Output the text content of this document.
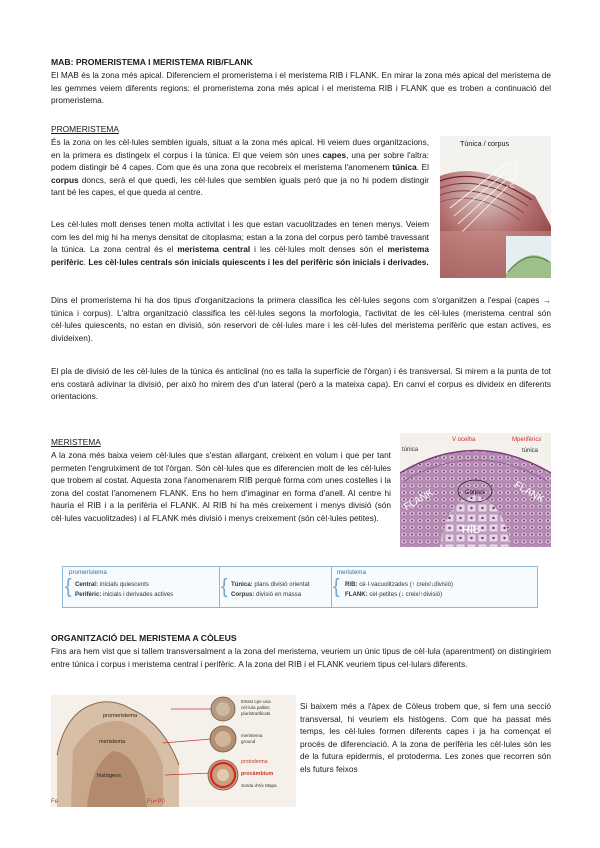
MAB: PROMERISTEMA I MERISTEMA RIB/FLANK
El MAB és la zona més apical. Diferenciem el promeristema i el meristema RIB i FLANK. En mirar la zona més apical del meristema de les gemmes veiem diferents regions: el promeristema zona més apical i el meristema RIB i FLANK que es troben a continuació del promeristema.
PROMERISTEMA
És la zona on les cèl·lules semblen iguals, situat a la zona més apical. Hi veiem dues organitzacions, en la primera es distingeix el corpus i la túnica. El que veiem són unes capes, una per sobre l'altra: podem distingir bé 4 capes. Com que és una zona que recobreix el meristema l'anomenem túnica. El corpus doncs, serà el que quedi, les cèl·lules que semblen iguals però que ja no hi podem distingir tant bé les capes, el que queda al centre.
Les cèl·lules molt denses tenen molta activitat i les que estan vacuolitzades en tenen menys. Veiem com les del mig hi ha menys densitat de citoplasma; estan a la zona del corpus però també travessant la túnica. La zona central és el meristema central i les cèl·lules molt denses són el meristema perifèric. Les cèl·lules centrals són inicials quiescents i les del perifèric són inicials i derivades.
Túnica / corpus
L1
L2
L3
C
Dins el promeristema hi ha dos tipus d'organitzacions la primera classifica les cèl·lules segons com s'organitzen a l'espai (capes → túnica i corpus). L'altra organització classifica les cèl·lules segons la morfologia, l'activitat de les cèl·lules (meristema central són cèl·lules quiescents, no estan en divisió, són reservori de cèl·lules mare i les cèl·lules del meristema perifèric que estan actives, es divideixen).
El pla de divisió de les cèl·lules de la túnica és anticlinal (no es talla la superfície de l'òrgan) i és transversal. Si mirem a la punta de tot ens costarà adivinar la divisió, per això ho mirem des d'un lateral (però a la mateixa capa). En canvi el corpus es divideix en diferents orientacions.
MERISTEMA
A la zona més baixa veiem cèl·lules que s'estan allargant, creixent en volum i que per tant permeten l'engruiximent de tot l'òrgan. Són cèl·lules que es diferencien molt de les cèl·lules que trobem al costat. Aquesta zona l'anomenarem RIB perquè forma com unes costelles i la zona del costat l'anomenem FLANK. Ens ho hem d'imaginar en forma d'anell. Al centre hi hauria el RIB i a la perifèria el FLANK. Al RIB hi ha més creixement i menys divisió (són cèl·lules vacuolitzades) i al FLANK més divisió i menys creixement (són cèl·lules petites).
túnica
V ocelha	Mperifèrics
túnica
FLANK	FLANK
Corpus
RIB
promeristema
{ Central: inicials quiescents
Perifèric: inicials i derivades actives { Túnica: plans divisió orientat
Corpus: divisió en massa
meristema
{ RIB: cè·l·vacuolitzades (↑ creix/↓divisió)
FLANK: cèl·petites (↓ creix/↑divisió)
ORGANITZACIÓ DEL MERISTEMA A CÒLEUS
Fins ara hem vist que si tallem transversalment a la zona del meristema, veuriem un únic tipus de cèl·lula (aparentment) on distingiriem entre túnica i corpus i meristema central i perifèric. A la zona del RIB i el FLANK veuriem tipus cel·lulars diferents.
promeristema
meristema
histògens
Fe	Fu+P0
Estrat cpe una
cèl·lula palliss
pluristratificats
meristema
ground
protoderma
procàmbium
Sorda d'eix Mapa
Si baixem més a l'àpex de Còleus trobem que, si fem una secció transversal, hi veuriem els histògens. Com que ha passat més temps, les cèl·lules formen diferents capes i ja ha començat el procés de diferenciació. A la zona de perifèria les cèl·lules són les de la futura epidermis, el protoderma. Les zones que recorren són els futurs feixos
